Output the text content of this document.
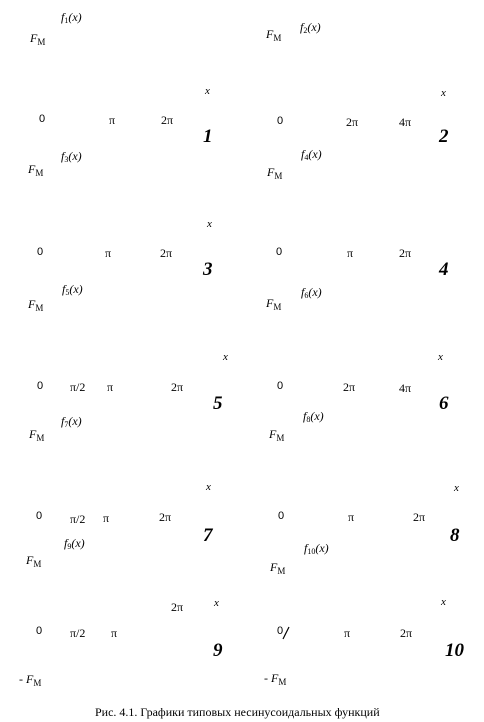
$F_M$
$f_1(x)$
x
0	π	2π
1
$F_M$
$f_2(x)$
x
0	2π	4π
2
$F_M$
$f_3(x)$
x
0	π	2π
3
$F_M$
$f_4(x)$
0	π	2π
4
$F_M$
$f_5(x)$
x
0 π/2 π	2π
5
$F_M$
$f_6(x)$
x
0	2π	4π
6
$F_M$
$f_7(x)$
x
0 π/2 π	2π
7
$F_M$
$f_8(x)$
x
0	π	2π
8
$F_M$
$f_9(x)$
2π	x
0 π/2 π
9
- $F_M$
$F_M$
$f_{10}(x)$
x
0	π	2π
10
- $F_M$
Рис. 4.1. Графики типовых несинусоидальных функций
